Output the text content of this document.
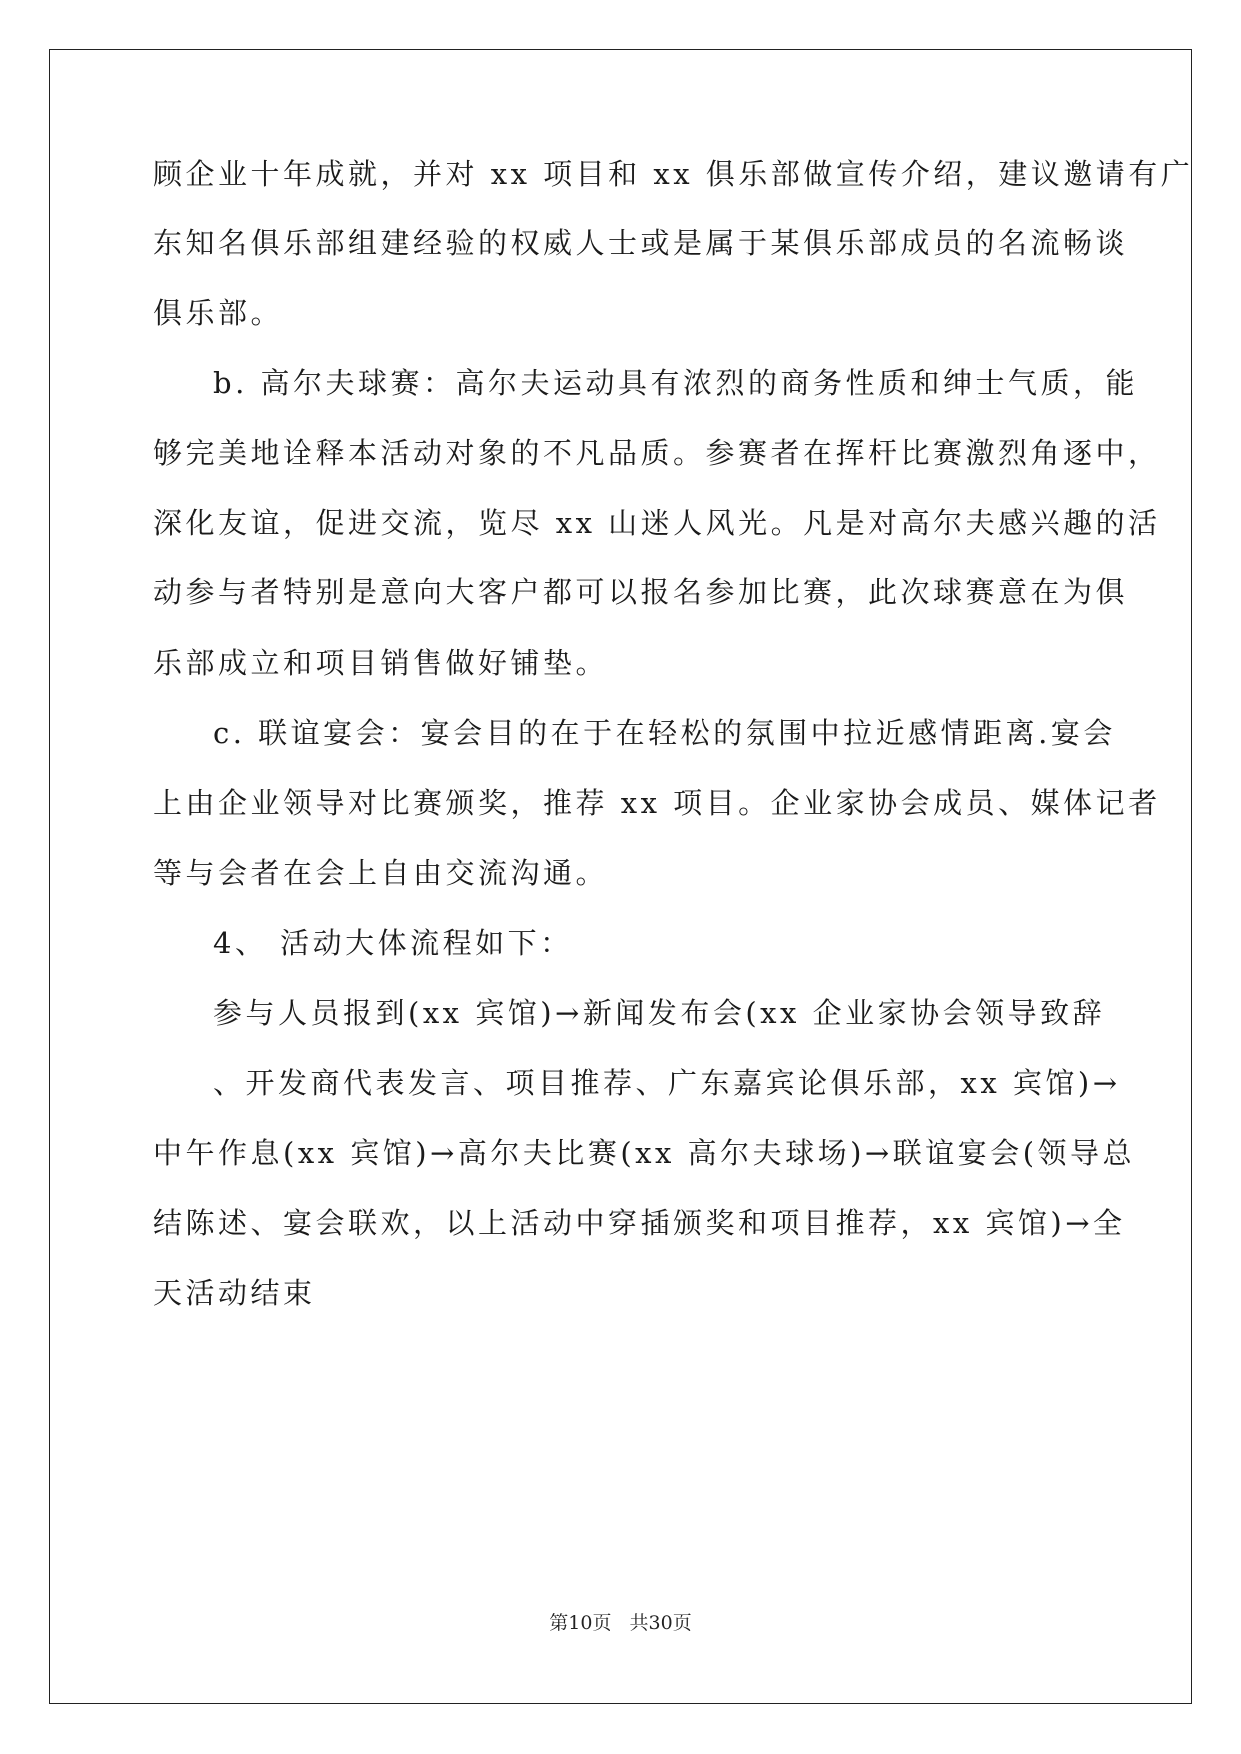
顾企业十年成就，并对 xx 项目和 xx 俱乐部做宣传介绍，建议邀请有广

东知名俱乐部组建经验的权威人士或是属于某俱乐部成员的名流畅谈

俱乐部。

b. 高尔夫球赛：高尔夫运动具有浓烈的商务性质和绅士气质，能

够完美地诠释本活动对象的不凡品质。参赛者在挥杆比赛激烈角逐中，

深化友谊，促进交流，览尽 xx 山迷人风光。凡是对高尔夫感兴趣的活

动参与者特别是意向大客户都可以报名参加比赛，此次球赛意在为俱

乐部成立和项目销售做好铺垫。

c. 联谊宴会：宴会目的在于在轻松的氛围中拉近感情距离.宴会

上由企业领导对比赛颁奖，推荐 xx 项目。企业家协会成员、媒体记者

等与会者在会上自由交流沟通。

4、 活动大体流程如下：

参与人员报到(xx 宾馆)→新闻发布会(xx 企业家协会领导致辞

、开发商代表发言、项目推荐、广东嘉宾论俱乐部，xx 宾馆)→

中午作息(xx 宾馆)→高尔夫比赛(xx 高尔夫球场)→联谊宴会(领导总

结陈述、宴会联欢，以上活动中穿插颁奖和项目推荐，xx 宾馆)→全

天活动结束

第10页 共30页
